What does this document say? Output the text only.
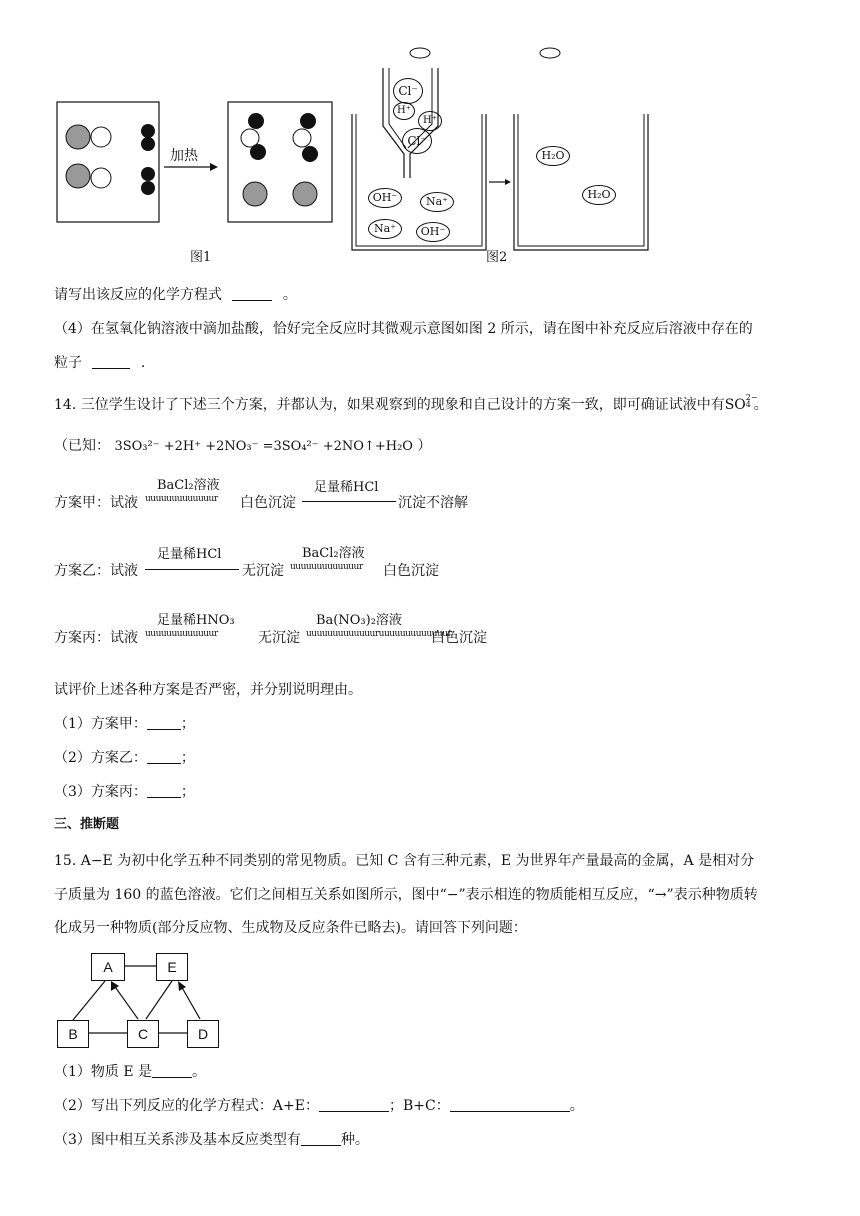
加热
Cl⁻
H⁺
H⁺
Cl⁻
OH⁻	Na⁺
Na⁺	OH⁻
H₂O
H₂O
图1	图2
请写出该反应的化学方程式	。
（4）在氢氧化钠溶液中滴加盐酸，恰好完全反应时其微观示意图如图 2 所示，请在图中补充反应后溶液中存在的
粒子	.
14. 三位学生设计了下述三个方案，并都认为，如果观察到的现象和自己设计的方案一致，即可确证试液中有SO2−
4 。
（已知： 3SO₃²⁻ +2H⁺ +2NO₃⁻ =3SO₄²⁻ +2NO↑+H₂O ）
方案甲：试液
BaCl₂溶液
uuuuuuuuuuuuur 白色沉淀
足量稀HCl
沉淀不溶解
方案乙：试液
足量稀HCl
无沉淀
BaCl₂溶液
uuuuuuuuuuuuur 白色沉淀
方案丙：试液
足量稀HNO₃
uuuuuuuuuuuuur	无沉淀
Ba(NO₃)₂溶液
uuuuuuuuuuuuuruuuuuuuuuuuuur
白色沉淀
试评价上述各种方案是否严密，并分别说明理由。
（1）方案甲： ；
（2）方案乙： ；
（3）方案丙： ；
三、推断题
15. A−E 为初中化学五种不同类别的常见物质。已知 C 含有三种元素，E 为世界年产量最高的金属，A 是相对分
子质量为 160 的蓝色溶液。它们之间相互关系如图所示，图中“−”表示相连的物质能相互反应，“→”表示种物质转
化成另一种物质(部分反应物、生成物及反应条件已略去)。请回答下列问题：
A	E
B	C	D
（1）物质 E 是	。
（2）写出下列反应的化学方程式：A+E：	；B+C：	。
（3）图中相互关系涉及基本反应类型有	种。
